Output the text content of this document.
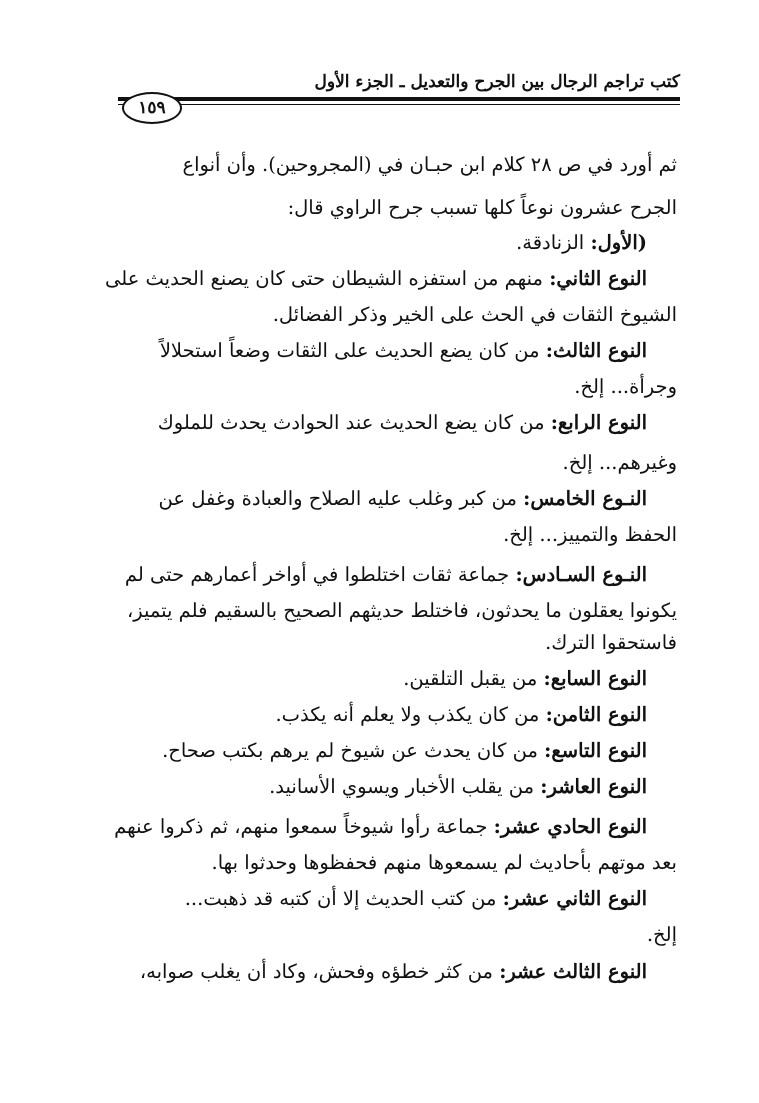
كتب تراجم الرجال بين الجرح والتعديل ـ الجزء الأول
١٥٩
ثم أورد في ص ٢٨ كلام ابن حبـان في (المجروحين). وأن أنواع
الجرح عشرون نوعاً كلها تسبب جرح الراوي قال:
(الأول: الزنادقة.
النوع الثاني: منهم من استفزه الشيطان حتى كان يصنع الحديث على
الشيوخ الثقات في الحث على الخير وذكر الفضائل.
النوع الثالث: من كان يضع الحديث على الثقات وضعاً استحلالاً
وجرأة... إلخ.
النوع الرابع: من كان يضع الحديث عند الحوادث يحدث للملوك
وغيرهم... إلخ.
النـوع الخامس: من كبر وغلب عليه الصلاح والعبادة وغفل عن
الحفظ والتمييز... إلخ.
النـوع السـادس: جماعة ثقات اختلطوا في أواخر أعمارهم حتى لم
يكونوا يعقلون ما يحدثون، فاختلط حديثهم الصحيح بالسقيم فلم يتميز،
فاستحقوا الترك.
النوع السابع: من يقبل التلقين.
النوع الثامن: من كان يكذب ولا يعلم أنه يكذب.
النوع التاسع: من كان يحدث عن شيوخ لم يرهم بكتب صحاح.
النوع العاشر: من يقلب الأخبار ويسوي الأسانيد.
النوع الحادي عشر: جماعة رأوا شيوخاً سمعوا منهم، ثم ذكروا عنهم
بعد موتهم بأحاديث لم يسمعوها منهم فحفظوها وحدثوا بها.
النوع الثاني عشر: من كتب الحديث إلا أن كتبه قد ذهبت...
إلخ.
النوع الثالث عشر: من كثر خطؤه وفحش، وكاد أن يغلب صوابه،
